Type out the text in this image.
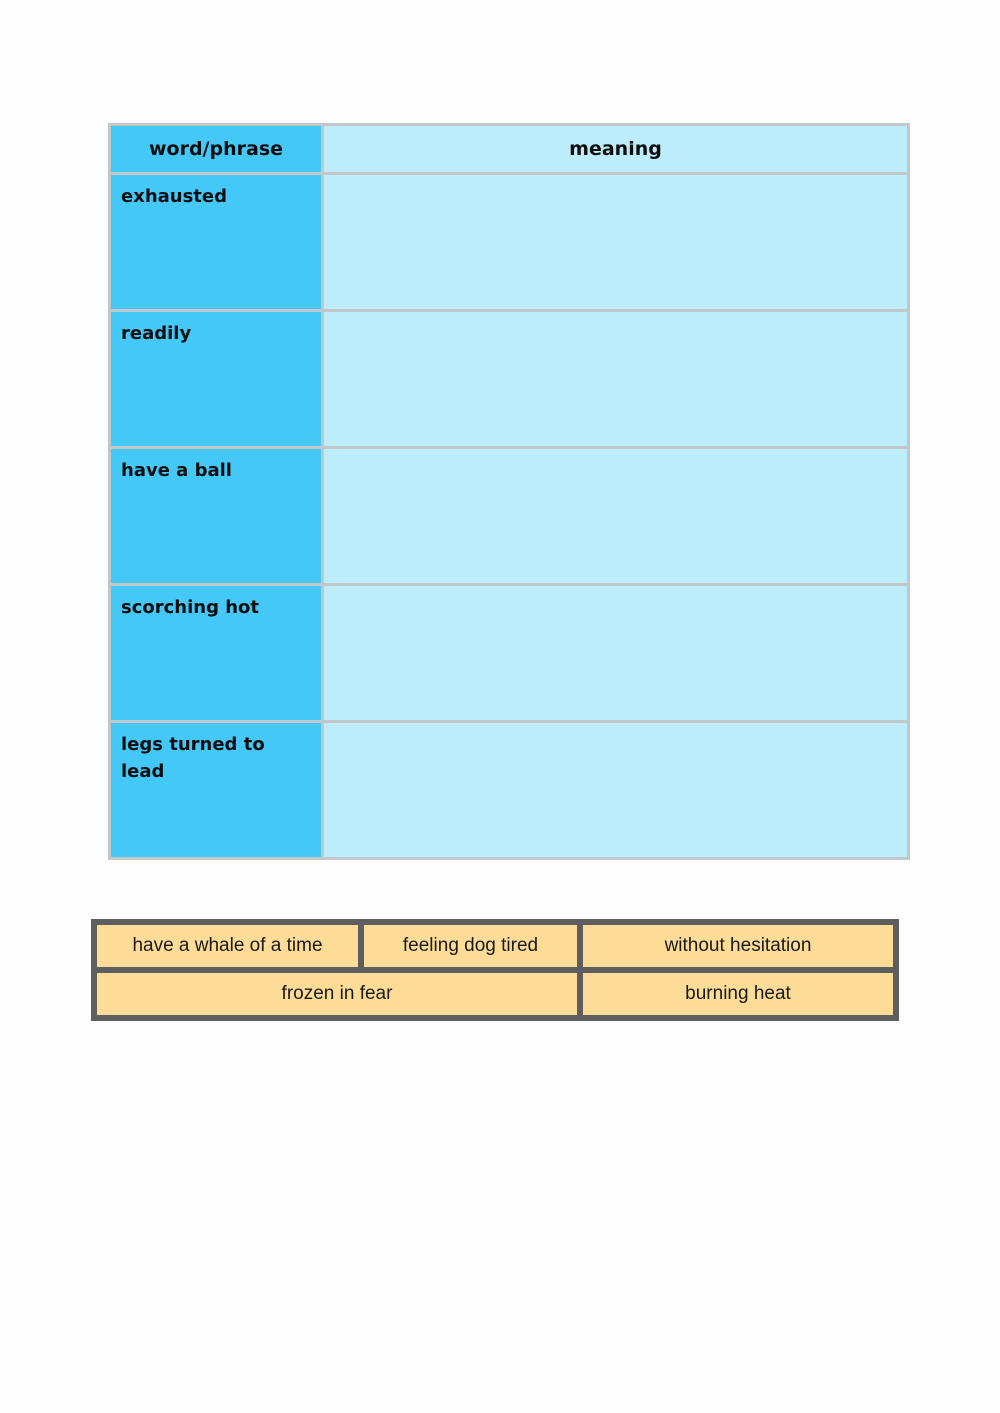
word/phrase	meaning
exhausted
readily
have a ball
scorching hot
legs turned to lead
have a whale of a time	feeling dog tired	without hesitation
frozen in fear	burning heat
